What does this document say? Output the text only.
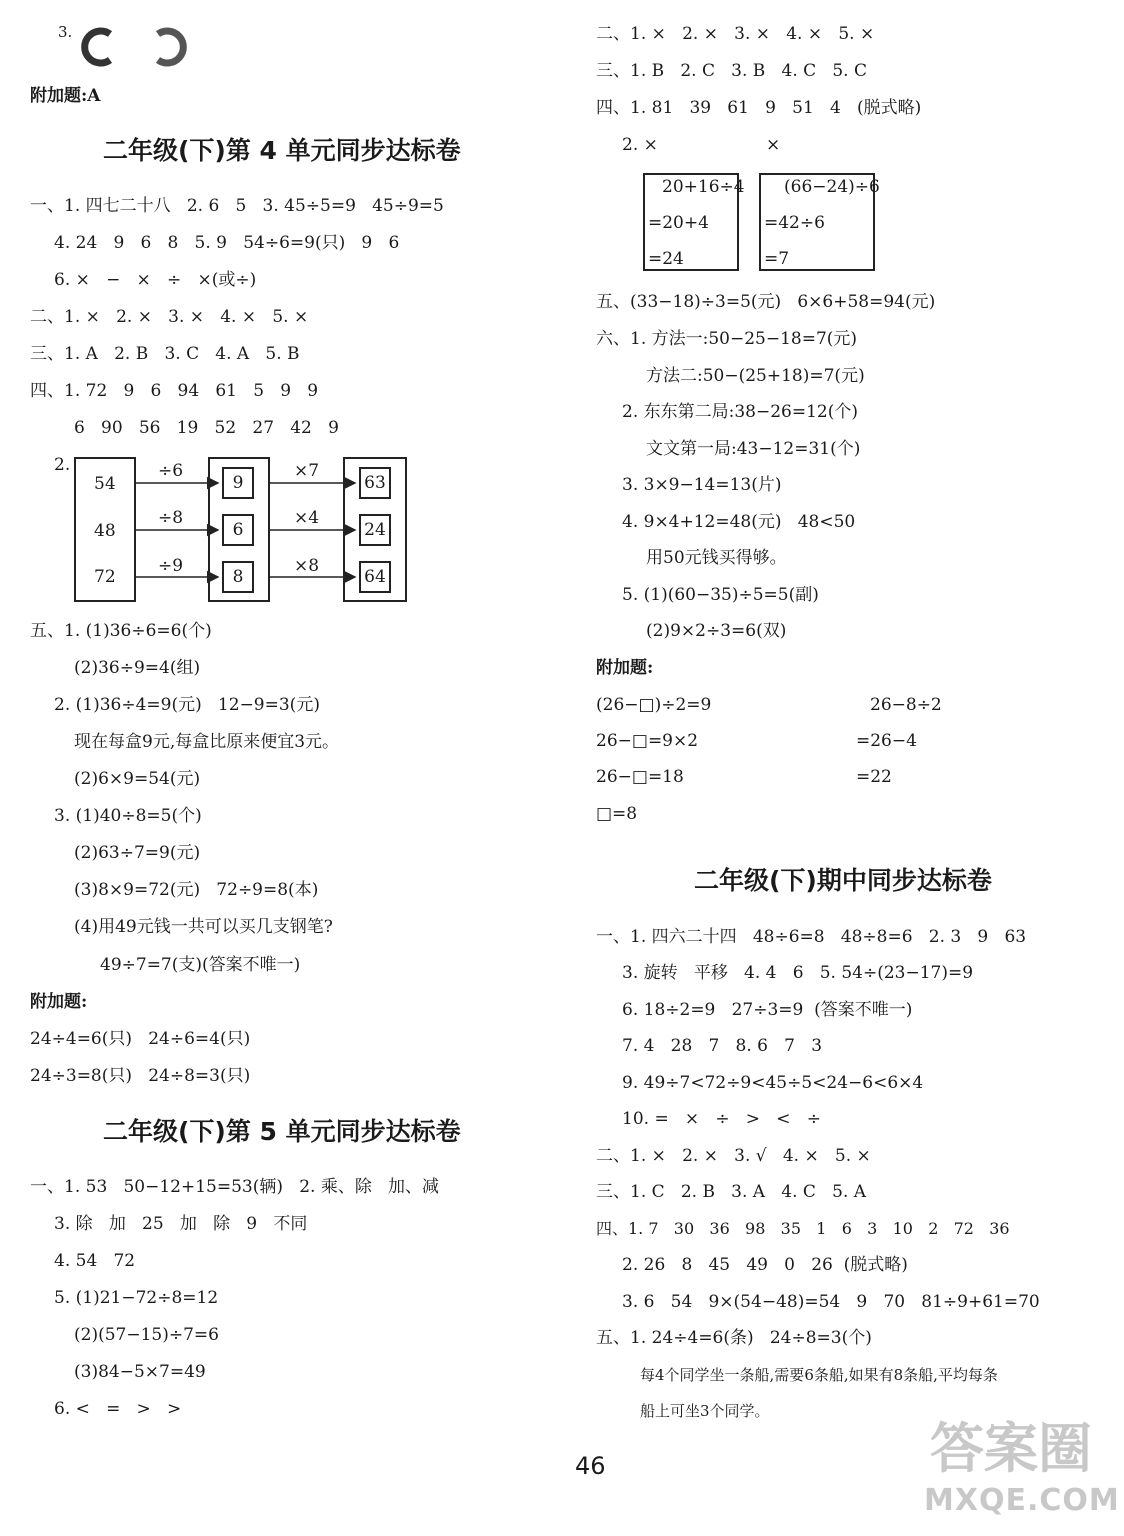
3.
附加题:A
二年级(下)第 4 单元同步达标卷
一、1. 四七二十八   2. 6   5   3. 45÷5=9   45÷9=5
4. 24   9   6   8   5. 9   54÷6=9(只)   9   6
6. ×   −   ×   ÷   ×(或÷)
二、1. ×   2. ×   3. ×   4. ×   5. ×
三、1. A   2. B   3. C   4. A   5. B
四、1. 72   9   6   94   61   5   9   9
6   90   56   19   52   27   42   9
2.
54
48
72
÷6
÷8
÷9
9
6
8
×7
×4
×8
63
24
64
五、1. (1)36÷6=6(个)
(2)36÷9=4(组)
2. (1)36÷4=9(元)   12−9=3(元)
现在每盒9元,每盒比原来便宜3元。
(2)6×9=54(元)
3. (1)40÷8=5(个)
(2)63÷7=9(元)
(3)8×9=72(元)   72÷9=8(本)
(4)用49元钱一共可以买几支钢笔?
49÷7=7(支)(答案不唯一)
附加题:
24÷4=6(只)   24÷6=4(只)
24÷3=8(只)   24÷8=3(只)
二年级(下)第 5 单元同步达标卷
一、1. 53   50−12+15=53(辆)   2. 乘、除   加、减
3. 除   加   25   加   除   9   不同
4. 54   72
5. (1)21−72÷8=12
(2)(57−15)÷7=6
(3)84−5×7=49
6. <   =   >   >
二、1. ×   2. ×   3. ×   4. ×   5. ×
三、1. B   2. C   3. B   4. C   5. C
四、1. 81   39   61   9   51   4   (脱式略)
2. ×                    ×
20+16÷4
=20+4
=24
(66−24)÷6
=42÷6
=7
五、(33−18)÷3=5(元)   6×6+58=94(元)
六、1. 方法一:50−25−18=7(元)
方法二:50−(25+18)=7(元)
2. 东东第二局:38−26=12(个)
文文第一局:43−12=31(个)
3. 3×9−14=13(片)
4. 9×4+12=48(元)   48<50
用50元钱买得够。
5. (1)(60−35)÷5=5(副)
(2)9×2÷3=6(双)
附加题:
(26−□)÷2=9
26−□=9×2
26−□=18
□=8
26−8÷2
=26−4
=22
二年级(下)期中同步达标卷
一、1. 四六二十四   48÷6=8   48÷8=6   2. 3   9   63
3. 旋转   平移   4. 4   6   5. 54÷(23−17)=9
6. 18÷2=9   27÷3=9  (答案不唯一)
7. 4   28   7   8. 6   7   3
9. 49÷7<72÷9<45÷5<24−6<6×4
10. =   ×   ÷   >   <   ÷
二、1. ×   2. ×   3. √   4. ×   5. ×
三、1. C   2. B   3. A   4. C   5. A
四、1. 7   30   36   98   35   1   6   3   10   2   72   36
2. 26   8   45   49   0   26  (脱式略)
3. 6   54   9×(54−48)=54   9   70   81÷9+61=70
五、1. 24÷4=6(条)   24÷8=3(个)
每4个同学坐一条船,需要6条船,如果有8条船,平均每条
船上可坐3个同学。
46	答案圈
MXQE.COM
